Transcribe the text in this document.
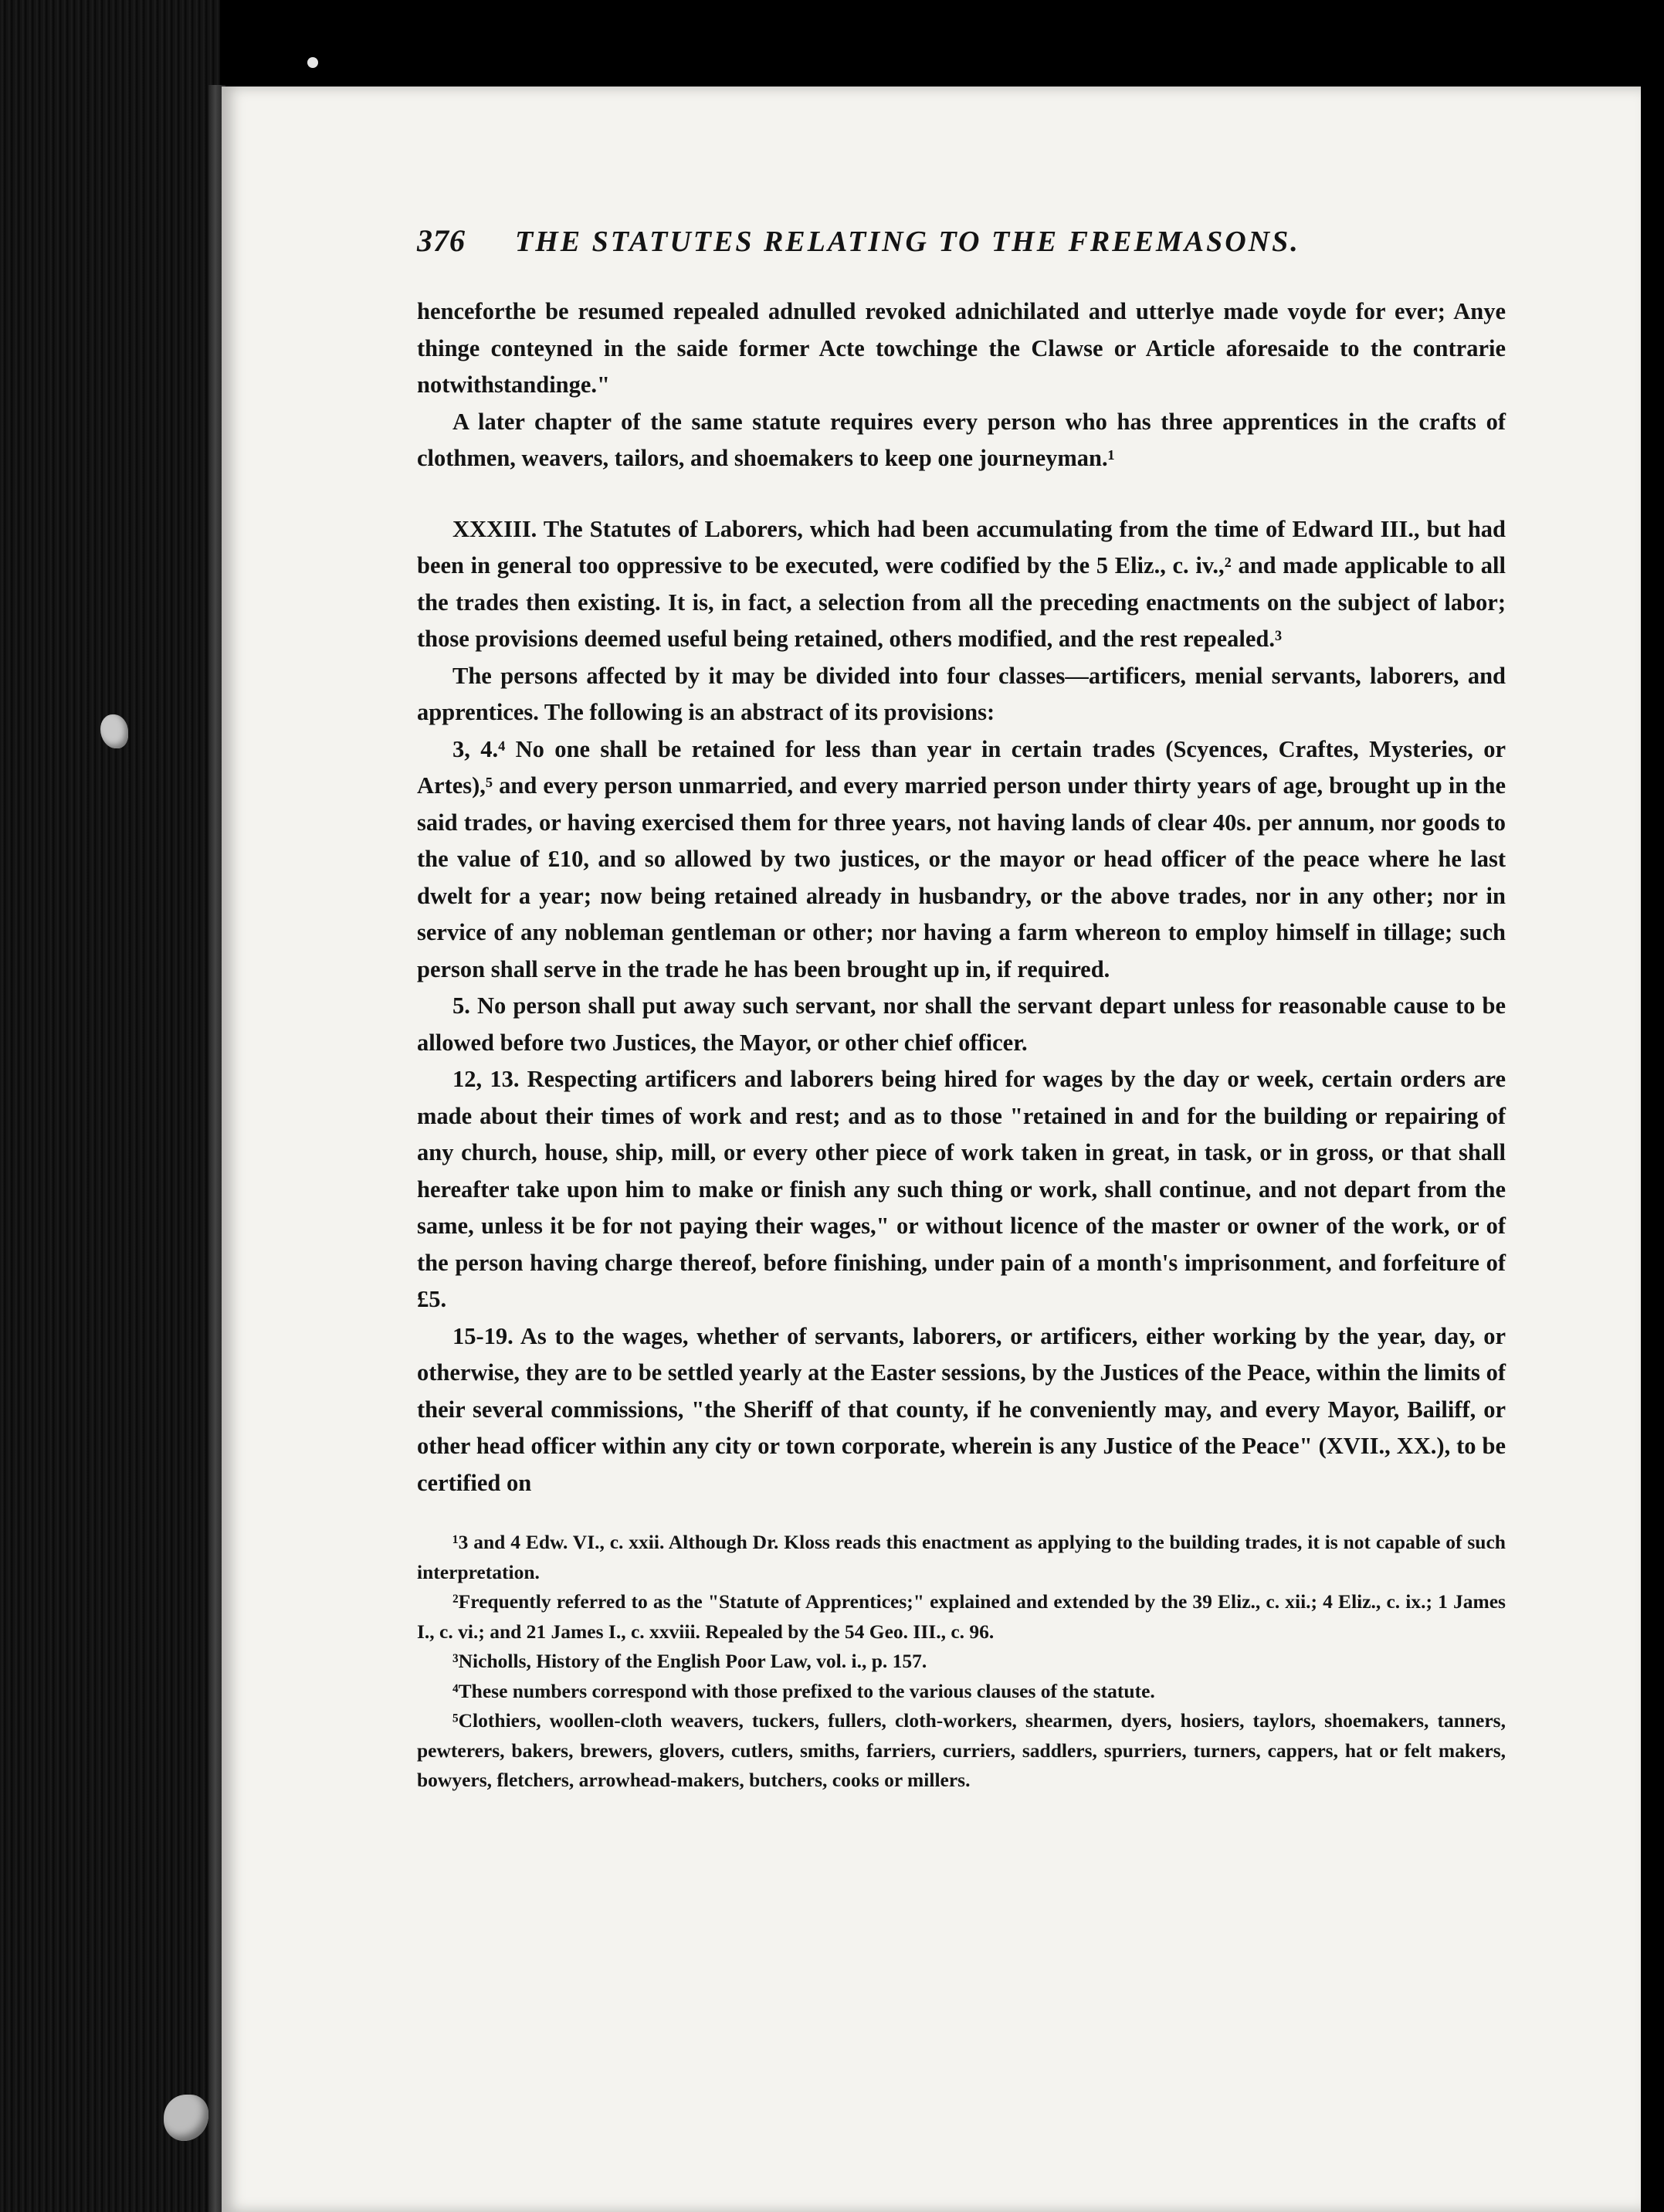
376 THE STATUTES RELATING TO THE FREEMASONS.

henceforthe be resumed repealed adnulled revoked adnichilated and utterlye made voyde for ever; Anye thinge conteyned in the saide former Acte towchinge the Clawse or Article aforesaide to the contrarie notwithstandinge."

A later chapter of the same statute requires every person who has three apprentices in the crafts of clothmen, weavers, tailors, and shoemakers to keep one journeyman.¹

XXXIII. The Statutes of Laborers, which had been accumulating from the time of Edward III., but had been in general too oppressive to be executed, were codified by the 5 Eliz., c. iv.,² and made applicable to all the trades then existing. It is, in fact, a selection from all the preceding enactments on the subject of labor; those provisions deemed useful being retained, others modified, and the rest repealed.³

The persons affected by it may be divided into four classes—artificers, menial servants, laborers, and apprentices. The following is an abstract of its provisions:

3, 4.⁴ No one shall be retained for less than year in certain trades (Scyences, Craftes, Mysteries, or Artes),⁵ and every person unmarried, and every married person under thirty years of age, brought up in the said trades, or having exercised them for three years, not having lands of clear 40s. per annum, nor goods to the value of £10, and so allowed by two justices, or the mayor or head officer of the peace where he last dwelt for a year; now being retained already in husbandry, or the above trades, nor in any other; nor in service of any nobleman gentleman or other; nor having a farm whereon to employ himself in tillage; such person shall serve in the trade he has been brought up in, if required.

5. No person shall put away such servant, nor shall the servant depart unless for reasonable cause to be allowed before two Justices, the Mayor, or other chief officer.

12, 13. Respecting artificers and laborers being hired for wages by the day or week, certain orders are made about their times of work and rest; and as to those "retained in and for the building or repairing of any church, house, ship, mill, or every other piece of work taken in great, in task, or in gross, or that shall hereafter take upon him to make or finish any such thing or work, shall continue, and not depart from the same, unless it be for not paying their wages," or without licence of the master or owner of the work, or of the person having charge thereof, before finishing, under pain of a month's imprisonment, and forfeiture of £5.

15-19. As to the wages, whether of servants, laborers, or artificers, either working by the year, day, or otherwise, they are to be settled yearly at the Easter sessions, by the Justices of the Peace, within the limits of their several commissions, "the Sheriff of that county, if he conveniently may, and every Mayor, Bailiff, or other head officer within any city or town corporate, wherein is any Justice of the Peace" (XVII., XX.), to be certified on

¹3 and 4 Edw. VI., c. xxii. Although Dr. Kloss reads this enactment as applying to the building trades, it is not capable of such interpretation.

²Frequently referred to as the "Statute of Apprentices;" explained and extended by the 39 Eliz., c. xii.; 4 Eliz., c. ix.; 1 James I., c. vi.; and 21 James I., c. xxviii. Repealed by the 54 Geo. III., c. 96.

³Nicholls, History of the English Poor Law, vol. i., p. 157.

⁴These numbers correspond with those prefixed to the various clauses of the statute.

⁵Clothiers, woollen-cloth weavers, tuckers, fullers, cloth-workers, shearmen, dyers, hosiers, taylors, shoemakers, tanners, pewterers, bakers, brewers, glovers, cutlers, smiths, farriers, curriers, saddlers, spurriers, turners, cappers, hat or felt makers, bowyers, fletchers, arrowhead-makers, butchers, cooks or millers.
